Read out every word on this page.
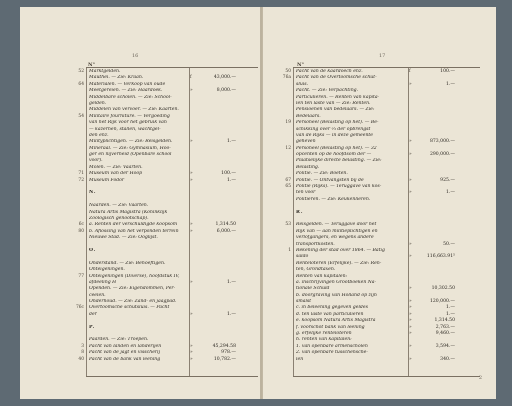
16
N°
52 Marktgelden.
Mauthei. — Zie: Kraan.	f	43,000.—
64 Materialen. — Verkoop van oude
Meetgereien. — Zie: Haardoek.	»	8,000.—
Middelbare scholen. — Zie: School-
gelden.
Middelen van vervoer. — Zie: Kaarten.
54 Militaire fourniture. — Vergoeding
van het Rijk voor het gebruik van
— kazernen, stallen, wachtgel-
den enz.
Milityplichtigen. — Zie: Reisgelden.	»	1.—
Mineraal. — Zie: Gymnasium, Hoo-
ger en nijverheid (Openbare school
voor).
Molen. — Zie: Vaarten.
71 Museum van der Hoop	»	100.—
72 Museum Fodor	»	1.—
N.
Naarden. — Zie: Vaarten.
Natura Artis Magistra (Koninklijk
Zoologisch genootschap).
6c a. Renten der verschuldigde koopsom	»	1,314.50
80 b. Aflossing van het verponden terrein	»	6,000.—
Nieuwe Stad. — Zie: Ooglijst.
O.
Onderstand. — Zie: Behoeftigen.
Onteigeningen.
77 Onteigeningen (Diverse), hoofdstuk IV,
afdeeling H	»	1.—
Openden. — Zie: Eigendommen, Per-
ceelen.
Onderhoud. — Zie: Zand- en jaagpad.
76c Overtoomsche schutsluis. — Pacht
der	»	1.—
P.
Paarden. — Zie: Troepen.
3 Pacht van landen en landerijen	»	45,294.58
8 Pacht van de jagt en visscherij	»	978.—
40 Pacht van de bank van leening	»	10,782.—
17
N°
50 Pacht van de kaardoech enz.	f	100.—
76a Pacht van de Overtoomsche schut-
sluis.	»	1.—
Pacht. — Zie: Verpachting.
Particulieren. — Renten van kapita-
len ten laste van — Zie: Renten.
Pensioenen van bedelaars. — Zie:
Bedelaars.
19 Personeel (Belasting op het). — Be-
schikking over ⅔ der opbrengst
van de Rijks — in deze gemeente
geheven	»	873,000.—
12 Personeel (Belasting op het). — 32
opcenten op de hoofdsom der —	»	290,000.—
Plaatselijke directe belasting. — Zie:
Belasting.
Politie. — Zie: Boeten.
67 Politie. — Ontvangsten bij de	»	925.—
65 Politie (Rijks). — Teruggave van kos-
ten voor	»	1.—
Politieren. — Zie: Keukenlieren.
R.
53 Reisgelden. — Teruggave door het
Rijk van — aan militieplichtigen en
verlofgangers, en wegens andere
transportkosten.	»	50.—
1 Rekening der stad over 1864. — Batig
saldo	»	116,663.91⁵
Renteloteren (Erfelijke). — Zie: Ren-
ten, Grondtaxen.
Renten van kapitalen:
a. inschrijvingen Grootboeken Na-
tionale Schuld	»	10,302.50
b. doorgraving van Holland op zijn
smalst	»	120,000.—
c. in beleening gegeven geldes	»	1.—
d. ten laste van particulieren	»	1.—
e. koopsom Natura Artis Magistra	»	1,314.50
f. voorschot bank van leening	»	2,763.—
g. erfelijke renteloteren	»	9,460.—
h. renten van kapitalen:
1. van openbare armenscholen	»	3,594.—
2. van openbare tusschensche-
len	»	340.—
2
